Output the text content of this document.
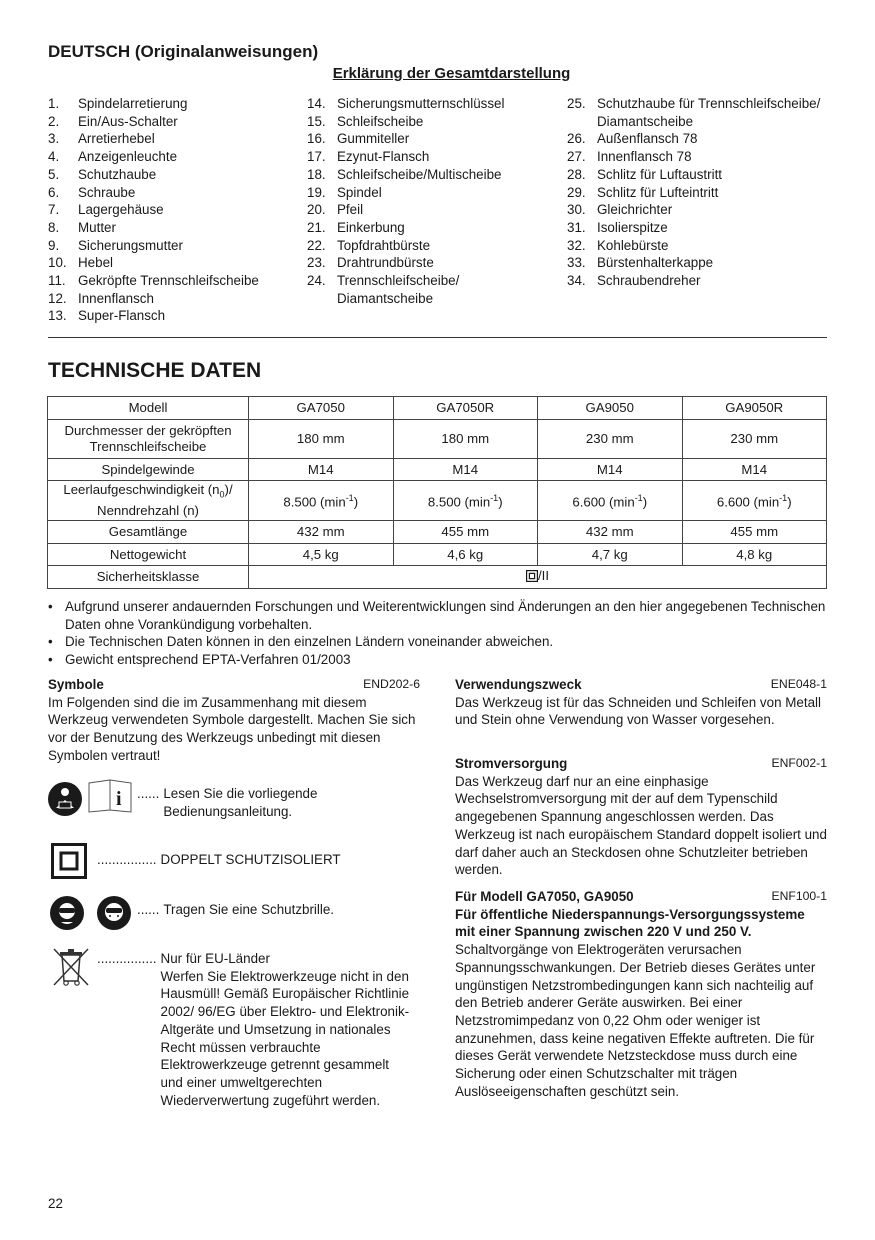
DEUTSCH (Originalanweisungen)
Erklärung der Gesamtdarstellung
1.	Spindelarretierung
2.	Ein/Aus-Schalter
3.	Arretierhebel
4.	Anzeigenleuchte
5.	Schutzhaube
6.	Schraube
7.	Lagergehäuse
8.	Mutter
9.	Sicherungsmutter
10. Hebel
11. Gekröpfte Trennschleifscheibe
12. Innenflansch
13. Super-Flansch
14. Sicherungsmutternschlüssel
15. Schleifscheibe
16. Gummiteller
17. Ezynut-Flansch
18. Schleifscheibe/Multischeibe
19. Spindel
20. Pfeil
21. Einkerbung
22. Topfdrahtbürste
23. Drahtrundbürste
24. Trennschleifscheibe/ Diamantscheibe
25. Schutzhaube für Trennschleifscheibe/ Diamantscheibe
26. Außenflansch 78
27. Innenflansch 78
28. Schlitz für Luftaustritt
29. Schlitz für Lufteintritt
30. Gleichrichter
31. Isolierspitze
32. Kohlebürste
33. Bürstenhalterkappe
34. Schraubendreher
TECHNISCHE DATEN
Modell	GA7050	GA7050R	GA9050	GA9050R
Durchmesser der gekröpften Trennschleifscheibe	180 mm	180 mm	230 mm	230 mm
Spindelgewinde	M14	M14	M14	M14
Leerlaufgeschwindigkeit $(n_0)/$
Nenndrehzahl (n)	8.500 $(\min^{-1})$	8.500 $(\min^{-1})$	6.600 $(\min^{-1})$	6.600 $(\min^{-1})$
Gesamtlänge	432 mm	455 mm	432 mm	455 mm
Nettogewicht	4,5 kg	4,6 kg	4,7 kg	4,8 kg
Sicherheitsklasse	/II			
• Aufgrund unserer andauernden Forschungen und Weiterentwicklungen sind Änderungen an den hier angegebenen Technischen Daten ohne Vorankündigung vorbehalten.
• Die Technischen Daten können in den einzelnen Ländern voneinander abweichen.
• Gewicht entsprechend EPTA-Verfahren 01/2003
Symbole	END202-6
Im Folgenden sind die im Zusammenhang mit diesem Werkzeug verwendeten Symbole dargestellt. Machen Sie sich vor der Benutzung des Werkzeugs unbedingt mit diesen Symbolen vertraut!
i ...... Lesen Sie die vorliegende Bedienungsanleitung.
................ DOPPELT SCHUTZISOLIERT
...... Tragen Sie eine Schutzbrille.
................ Nur für EU-Länder
Werfen Sie Elektrowerkzeuge nicht in den Hausmüll! Gemäß Europäischer Richtlinie 2002/ 96/EG über Elektro- und Elektronik-Altgeräte und Umsetzung in nationales Recht müssen verbrauchte Elektrowerkzeuge getrennt gesammelt und einer umweltgerechten Wiederverwertung zugeführt werden.
Verwendungszweck	ENE048-1
Das Werkzeug ist für das Schneiden und Schleifen von Metall und Stein ohne Verwendung von Wasser vorgesehen.
Stromversorgung	ENF002-1
Das Werkzeug darf nur an eine einphasige Wechselstromversorgung mit der auf dem Typenschild angegebenen Spannung angeschlossen werden. Das Werkzeug ist nach europäischem Standard doppelt isoliert und darf daher auch an Steckdosen ohne Schutzleiter betrieben werden.
Für Modell GA7050, GA9050	ENF100-1
Für öffentliche Niederspannungs-Versorgungssysteme mit einer Spannung zwischen 220 V und 250 V.
Schaltvorgänge von Elektrogeräten verursachen Spannungsschwankungen. Der Betrieb dieses Gerätes unter ungünstigen Netzstrombedingungen kann sich nachteilig auf den Betrieb anderer Geräte auswirken. Bei einer Netzstromimpedanz von 0,22 Ohm oder weniger ist anzunehmen, dass keine negativen Effekte auftreten. Die für dieses Gerät verwendete Netzsteckdose muss durch eine Sicherung oder einen Schutzschalter mit trägen Auslöseeigenschaften geschützt sein.
22
